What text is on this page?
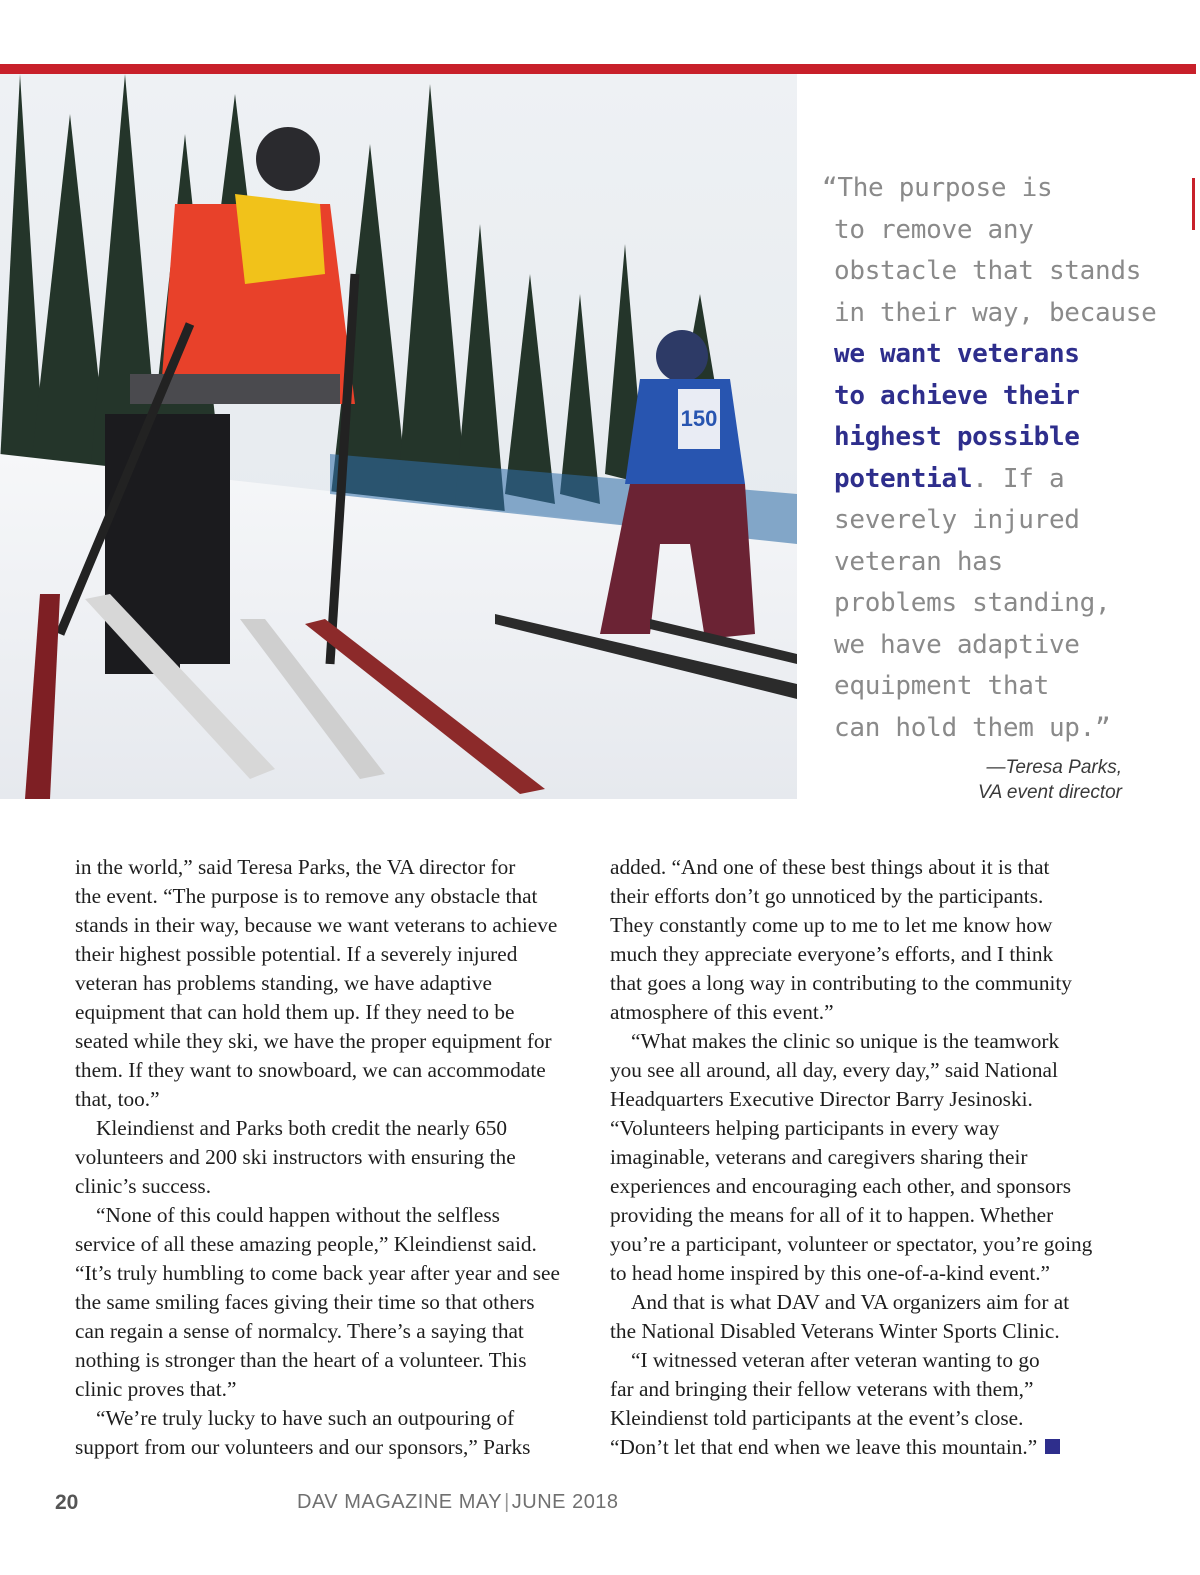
150
“The purpose is
to remove any
obstacle that stands
in their way, because
we want veterans
to achieve their
highest possible
potential. If a
severely injured
veteran has
problems standing,
we have adaptive
equipment that
can hold them up.”
—Teresa Parks,
VA event director
in the world,” said Teresa Parks, the VA director for
the event. “The purpose is to remove any obstacle that
stands in their way, because we want veterans to achieve
their highest possible potential. If a severely injured
veteran has problems standing, we have adaptive
equipment that can hold them up. If they need to be
seated while they ski, we have the proper equipment for
them. If they want to snowboard, we can accommodate
that, too.”
Kleindienst and Parks both credit the nearly 650
volunteers and 200 ski instructors with ensuring the
clinic’s success.
“None of this could happen without the selfless
service of all these amazing people,” Kleindienst said.
“It’s truly humbling to come back year after year and see
the same smiling faces giving their time so that others
can regain a sense of normalcy. There’s a saying that
nothing is stronger than the heart of a volunteer. This
clinic proves that.”
“We’re truly lucky to have such an outpouring of
support from our volunteers and our sponsors,” Parks
added. “And one of these best things about it is that
their efforts don’t go unnoticed by the participants.
They constantly come up to me to let me know how
much they appreciate everyone’s efforts, and I think
that goes a long way in contributing to the community
atmosphere of this event.”
“What makes the clinic so unique is the teamwork
you see all around, all day, every day,” said National
Headquarters Executive Director Barry Jesinoski.
“Volunteers helping participants in every way
imaginable, veterans and caregivers sharing their
experiences and encouraging each other, and sponsors
providing the means for all of it to happen. Whether
you’re a participant, volunteer or spectator, you’re going
to head home inspired by this one-of-a-kind event.”
And that is what DAV and VA organizers aim for at
the National Disabled Veterans Winter Sports Clinic.
“I witnessed veteran after veteran wanting to go
far and bringing their fellow veterans with them,”
Kleindienst told participants at the event’s close.
“Don’t let that end when we leave this mountain.”
20	DAV MAGAZINE MAY | JUNE 2018
